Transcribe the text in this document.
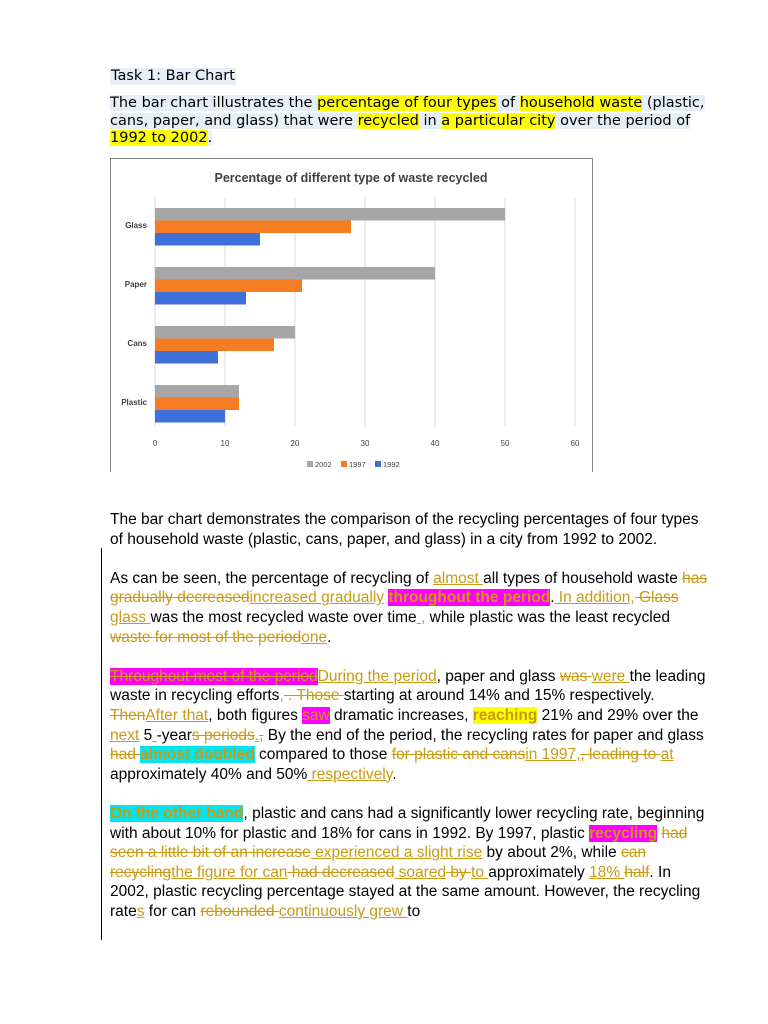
Task 1: Bar Chart
The bar chart illustrates the percentage of four types of household waste (plastic, cans, paper, and glass) that were recycled in a particular city over the period of 1992 to 2002.
Percentage of different type of waste recycled
0	10	20	30	40	50	60
Glass
Paper
Cans
Plastic
2002 1997 1992

The bar chart demonstrates the comparison of the recycling percentages of four types of household waste (plastic, cans, paper, and glass) in a city from 1992 to 2002.

As can be seen, the percentage of recycling of almost all types of household waste has gradually decreasedincreased gradually throughout the period. In addition, Glass glass was the most recycled waste over time , while plastic was the least recycled waste for most of the periodone.

Throughout most of the periodDuring the period, paper and glass was were the leading waste in recycling efforts, . Those starting at around 14% and 15% respectively. ThenAfter that, both figures saw dramatic increases, reaching 21% and 29% over the next 5 -years periods., By the end of the period, the recycling rates for paper and glass had almost doubled compared to those for plastic and cansin 1997,, leading to at approximately 40% and 50% respectively.

On the other hand, plastic and cans had a significantly lower recycling rate, beginning with about 10% for plastic and 18% for cans in 1992. By 1997, plastic recycling had seen a little bit of an increase experienced a slight rise by about 2%, while can recyclingthe figure for can had decreased soared by to approximately 18% half. In 2002, plastic recycling percentage stayed at the same amount. However, the recycling rates for can rebounded continuously grew to
